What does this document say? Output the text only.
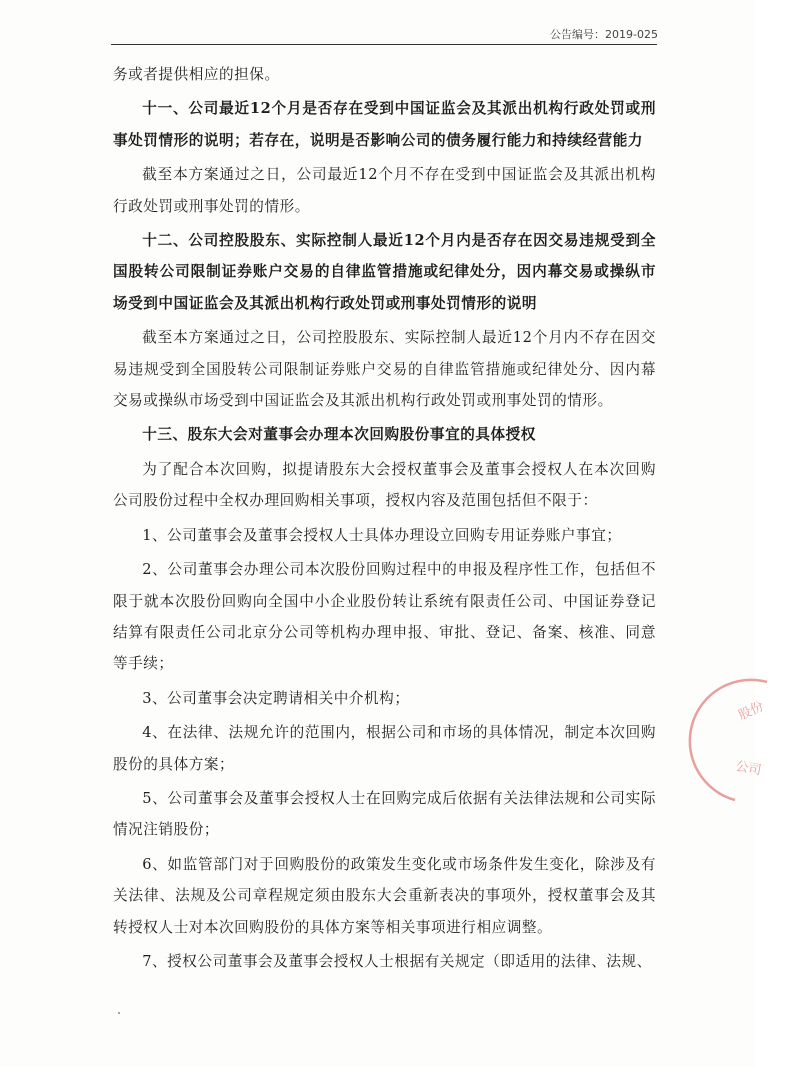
公告编号：2019-025

务或者提供相应的担保。

十一、公司最近12个月是否存在受到中国证监会及其派出机构行政处罚或刑事处罚情形的说明；若存在，说明是否影响公司的债务履行能力和持续经营能力

截至本方案通过之日，公司最近12个月不存在受到中国证监会及其派出机构行政处罚或刑事处罚的情形。

十二、公司控股股东、实际控制人最近12个月内是否存在因交易违规受到全国股转公司限制证券账户交易的自律监管措施或纪律处分，因内幕交易或操纵市场受到中国证监会及其派出机构行政处罚或刑事处罚情形的说明

截至本方案通过之日，公司控股股东、实际控制人最近12个月内不存在因交易违规受到全国股转公司限制证券账户交易的自律监管措施或纪律处分、因内幕交易或操纵市场受到中国证监会及其派出机构行政处罚或刑事处罚的情形。

十三、股东大会对董事会办理本次回购股份事宜的具体授权

为了配合本次回购，拟提请股东大会授权董事会及董事会授权人在本次回购公司股份过程中全权办理回购相关事项，授权内容及范围包括但不限于：

1、公司董事会及董事会授权人士具体办理设立回购专用证券账户事宜；

2、公司董事会办理公司本次股份回购过程中的申报及程序性工作，包括但不限于就本次股份回购向全国中小企业股份转让系统有限责任公司、中国证券登记结算有限责任公司北京分公司等机构办理申报、审批、登记、备案、核准、同意等手续；

3、公司董事会决定聘请相关中介机构；

4、在法律、法规允许的范围内，根据公司和市场的具体情况，制定本次回购股份的具体方案；

5、公司董事会及董事会授权人士在回购完成后依据有关法律法规和公司实际情况注销股份；

6、如监管部门对于回购股份的政策发生变化或市场条件发生变化，除涉及有关法律、法规及公司章程规定须由股东大会重新表决的事项外，授权董事会及其转授权人士对本次回购股份的具体方案等相关事项进行相应调整。

7、授权公司董事会及董事会授权人士根据有关规定（即适用的法律、法规、

股份
公司
